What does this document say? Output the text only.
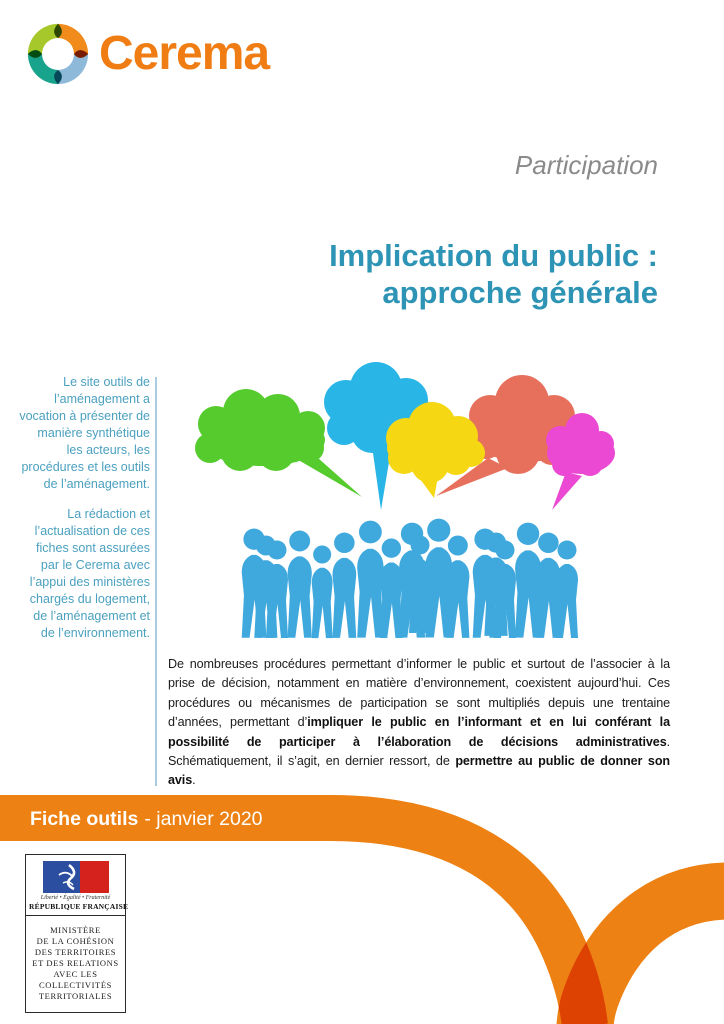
Cerema
Participation
Implication du public :
approche générale

Le site outils de l’aménagement a vocation à présenter de manière synthétique les acteurs, les procédures et les outils de l’aménagement.

La rédaction et l’actualisation de ces fiches sont assurées par le Cerema avec l’appui des ministères chargés du logement, de l’aménagement et de l’environnement.

De nombreuses procédures permettant d’informer le public et surtout de l’associer à la prise de décision, notamment en matière d’environnement, coexistent aujourd’hui. Ces procédures ou mécanismes de participation se sont multipliés depuis une trentaine d’années, permettant d’impliquer le public en l’informant et en lui conférant la possibilité de participer à l’élaboration de décisions administratives. Schématiquement, il s’agit, en dernier ressort, de permettre au public de donner son avis.

Fiche outils - janvier 2020
Liberté • Égalité • Fraternité
RÉPUBLIQUE FRANÇAISE
MINISTÈRE
DE LA COHÉSION
DES TERRITOIRES
ET DES RELATIONS
AVEC LES
COLLECTIVITÉS
TERRITORIALES
